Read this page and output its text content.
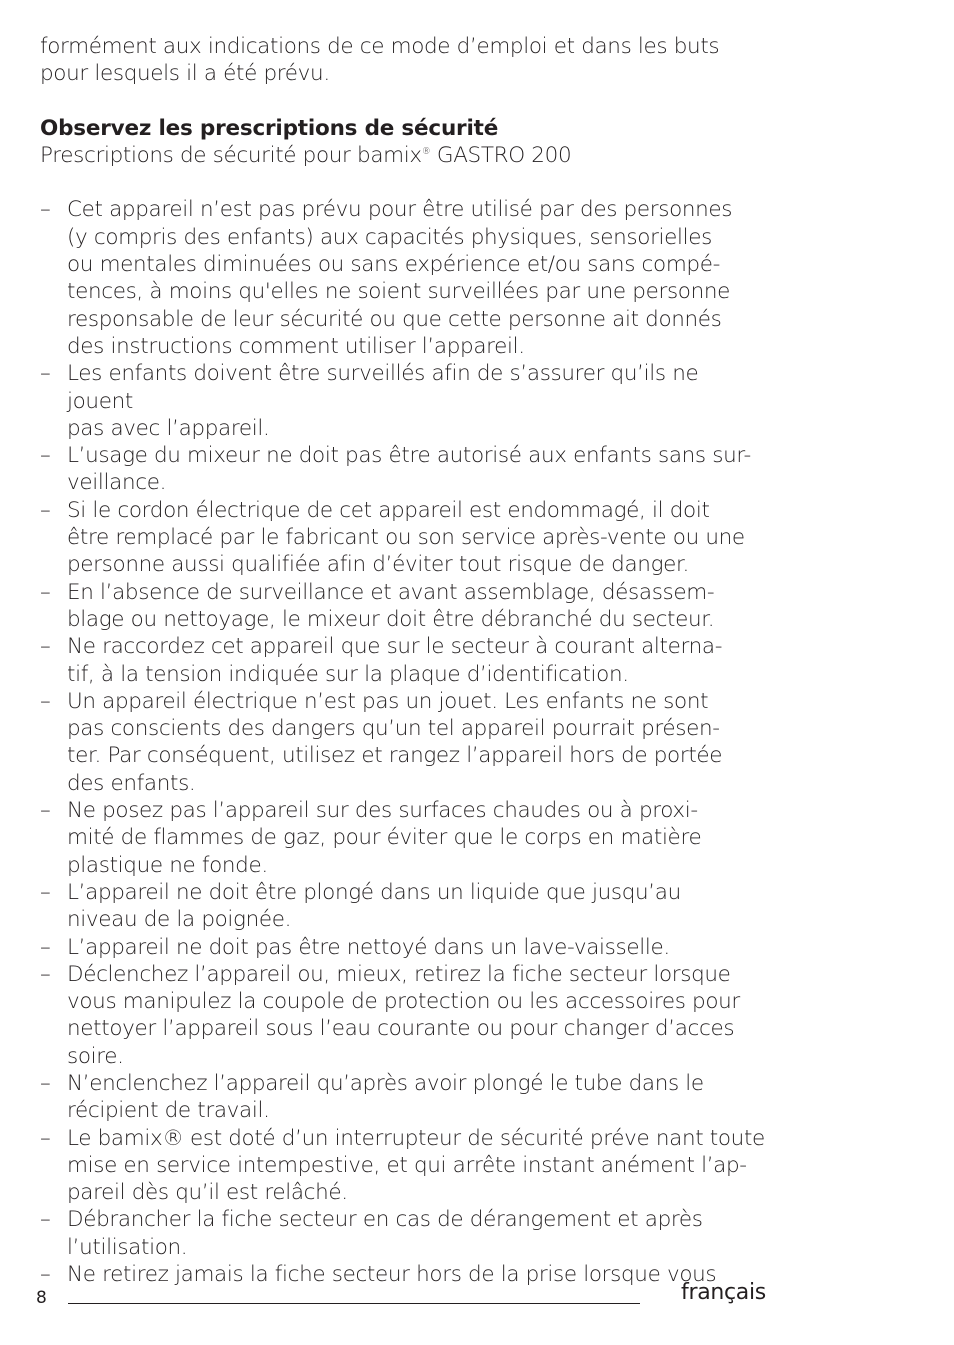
formément aux indications de ce mode d’emploi et dans les buts
pour lesquels il a été prévu.

Observez les prescriptions de sécurité

Prescriptions de sécurité pour bamix® GASTRO 200

– Cet appareil n’est pas prévu pour être utilisé par des personnes
(y compris des enfants) aux capacités physiques, sensorielles
ou mentales diminuées ou sans expérience et/ou sans compé-
tences, à moins qu'elles ne soient surveillées par une personne
responsable de leur sécurité ou que cette personne ait donnés
des instructions comment utiliser l’appareil.
– Les enfants doivent être surveillés afin de s’assurer qu’ils ne jouent
pas avec l’appareil.
– L’usage du mixeur ne doit pas être autorisé aux enfants sans sur-
veillance.
– Si le cordon électrique de cet appareil est endommagé, il doit
être remplacé par le fabricant ou son service après-vente ou une
personne aussi qualifiée afin d’éviter tout risque de danger.
– En l’absence de surveillance et avant assemblage, désassem-
blage ou nettoyage, le mixeur doit être débranché du secteur.
– Ne raccordez cet appareil que sur le secteur à courant alterna-
tif, à la tension indiquée sur la plaque d’identification.
– Un appareil électrique n’est pas un jouet. Les enfants ne sont
pas conscients des dangers qu’un tel appareil pourrait présen-
ter. Par conséquent, utilisez et rangez l’appareil hors de portée
des enfants.
– Ne posez pas l’appareil sur des surfaces chaudes ou à proxi-
mité de flammes de gaz, pour éviter que le corps en matière
plastique ne fonde.
– L’appareil ne doit être plongé dans un liquide que jusqu’au
niveau de la poignée.
– L’appareil ne doit pas être nettoyé dans un lave-vaisselle.
– Déclenchez l’appareil ou, mieux, retirez la fiche secteur lorsque
vous manipulez la coupole de protection ou les accessoires pour
nettoyer l’appareil sous l’eau courante ou pour changer d’acces
soire.
– N’enclenchez l’appareil qu’après avoir plongé le tube dans le
récipient de travail.
– Le bamix® est doté d’un interrupteur de sécurité préve nant toute
mise en service intempestive, et qui arrête instant anément l’ap-
pareil dès qu’il est relâché.
– Débrancher la fiche secteur en cas de dérangement et après
l’utilisation.
– Ne retirez jamais la fiche secteur hors de la prise lorsque vous
8	français
